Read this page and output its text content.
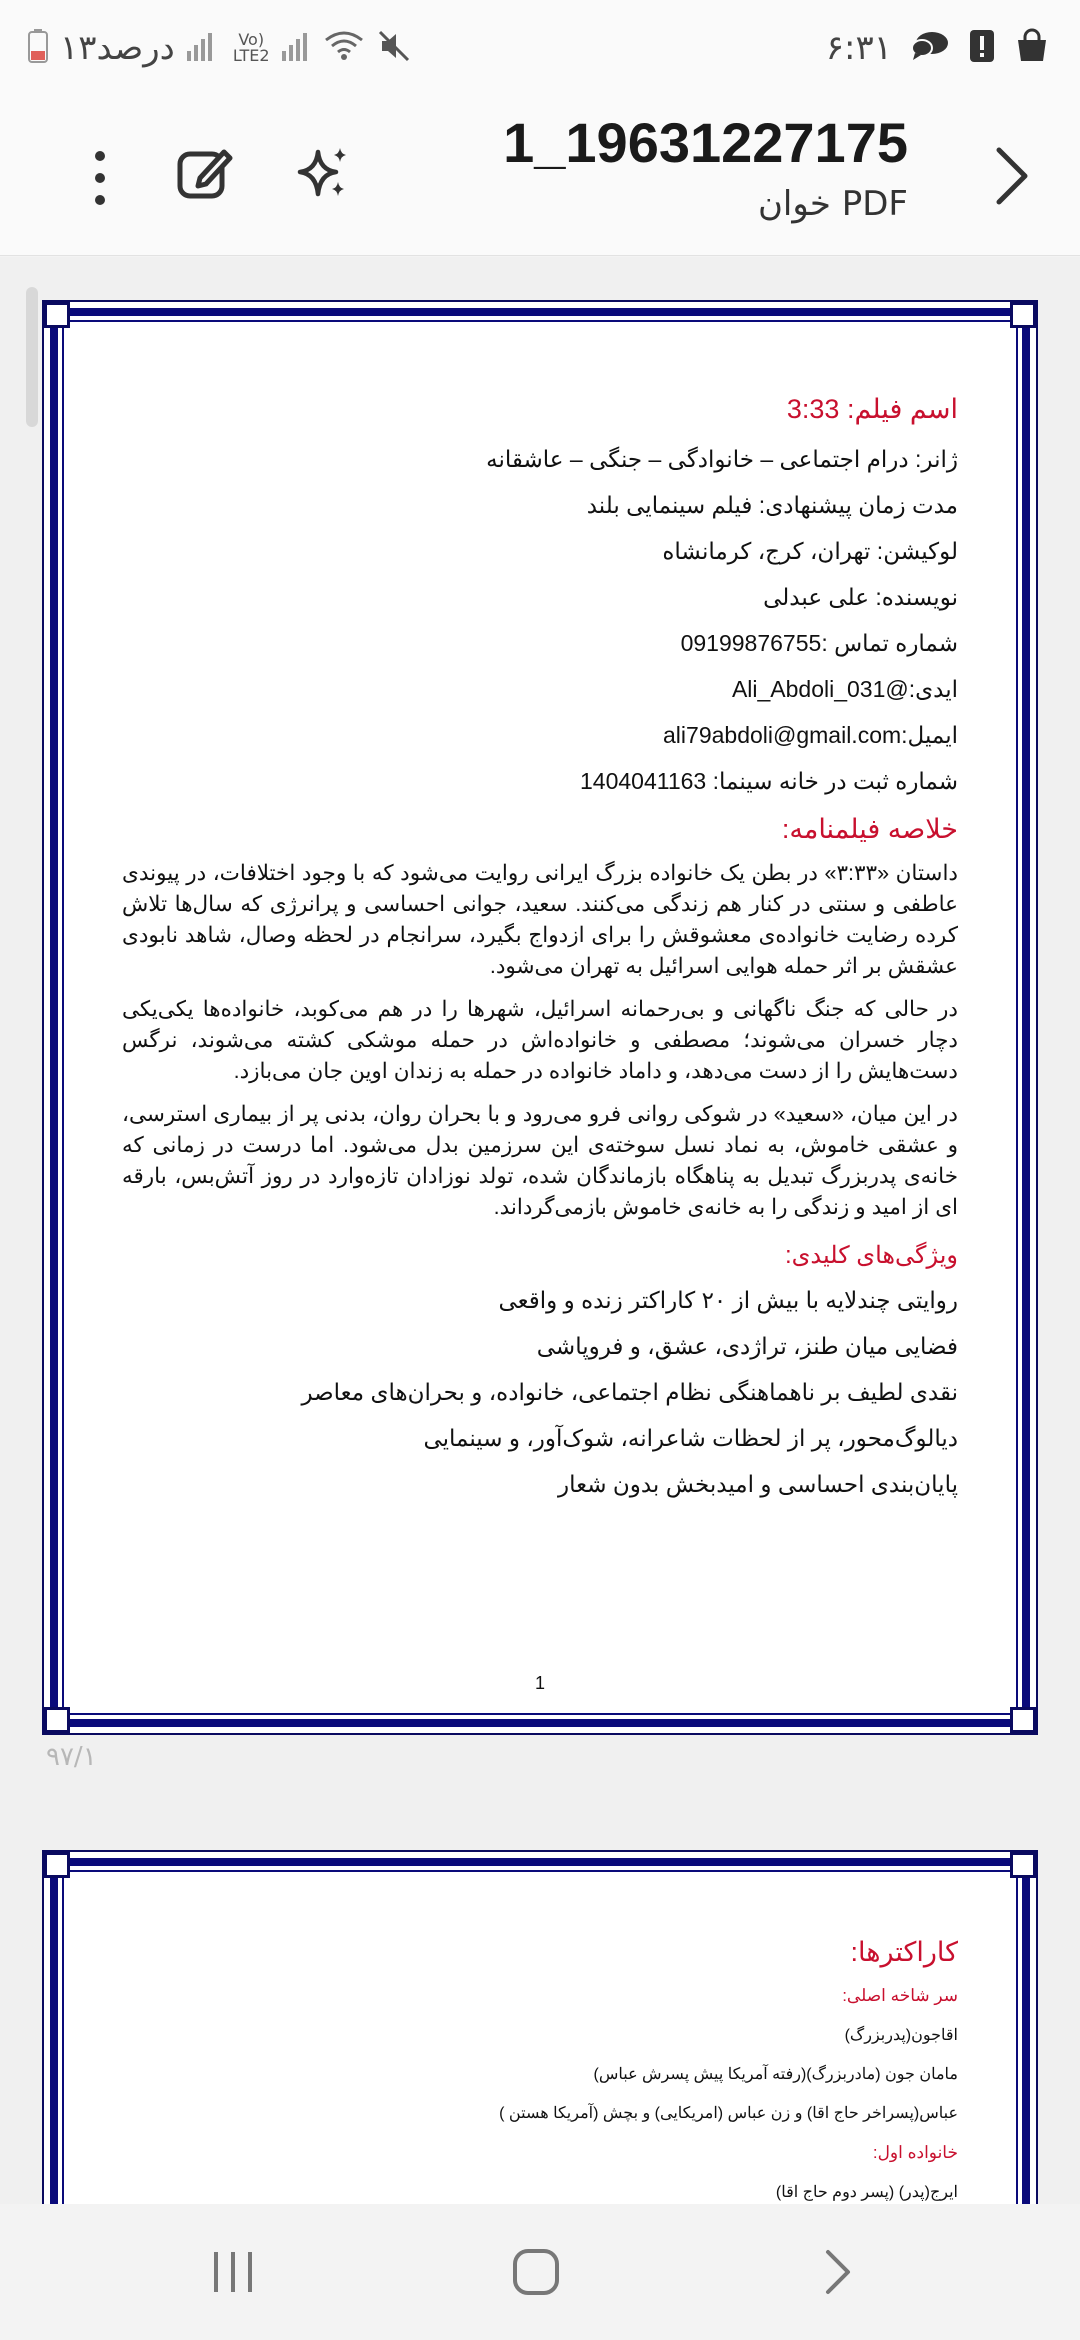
۶:۳۱
۱۳درصد	Vo)
LTE2
1_19631227175
PDF خوان
اسم فیلم: 3:33
ژانر: درام اجتماعی – خانوادگی – جنگی – عاشقانه
مدت زمان پیشنهادی: فیلم سینمایی بلند
لوکیشن: تهران، کرج، کرمانشاه
نویسنده: علی عبدلی
شماره تماس :09199876755
ایدی:@Ali_Abdoli_031
ایمیل:ali79abdoli@gmail.com
شماره ثبت در خانه سینما: 1404041163
خلاصه فیلمنامه:

داستان «۳:۳۳» در بطن یک خانواده بزرگ ایرانی روایت می‌شود که با وجود اختلافات، در پیوندی عاطفی و سنتی در کنار هم زندگی می‌کنند. سعید، جوانی احساسی و پرانرژی که سال‌ها تلاش کرده رضایت خانواده‌ی معشوقش را برای ازدواج بگیرد، سرانجام در لحظه وصال، شاهد نابودی عشقش بر اثر حمله هوایی اسرائیل به تهران می‌شود.

در حالی که جنگ ناگهانی و بی‌رحمانه اسرائیل، شهرها را در هم می‌کوبد، خانواده‌ها یکی‌یکی دچار خسران می‌شوند؛ مصطفی و خانواده‌اش در حمله موشکی کشته می‌شوند، نرگس دست‌هایش را از دست می‌دهد، و داماد خانواده در حمله به زندان اوین جان می‌بازد.

در این میان، «سعید» در شوکی روانی فرو می‌رود و با بحران روان، بدنی پر از بیماری استرسی، و عشقی خاموش، به نماد نسل سوخته‌ی این سرزمین بدل می‌شود. اما درست در زمانی که خانه‌ی پدربزرگ تبدیل به پناهگاه بازماندگان شده، تولد نوزادان تازه‌وارد در روز آتش‌بس، بارقه ای از امید و زندگی را به خانه‌ی خاموش بازمی‌گرداند.

ویژگی‌های کلیدی:
روایتی چندلایه با بیش از ۲۰ کاراکتر زنده و واقعی
فضایی میان طنز، تراژدی، عشق، و فروپاشی
نقدی لطیف بر ناهماهنگی نظام اجتماعی، خانواده، و بحران‌های معاصر
دیالوگ‌محور، پر از لحظات شاعرانه، شوک‌آور، و سینمایی
پایان‌بندی احساسی و امیدبخش بدون شعار
1
۹۷/۱
کاراکترها:
سر شاخه اصلی:
اقاجون(پدربزرگ)
مامان جون (مادربزرگ)(رفته آمریکا پیش پسرش عباس)
عباس(پسراخر حاج اقا) و زن عباس (امریکایی) و بچش (آمریکا هستن )
خانواده اول:
ایرج(پدر) (پسر دوم حاج اقا)
